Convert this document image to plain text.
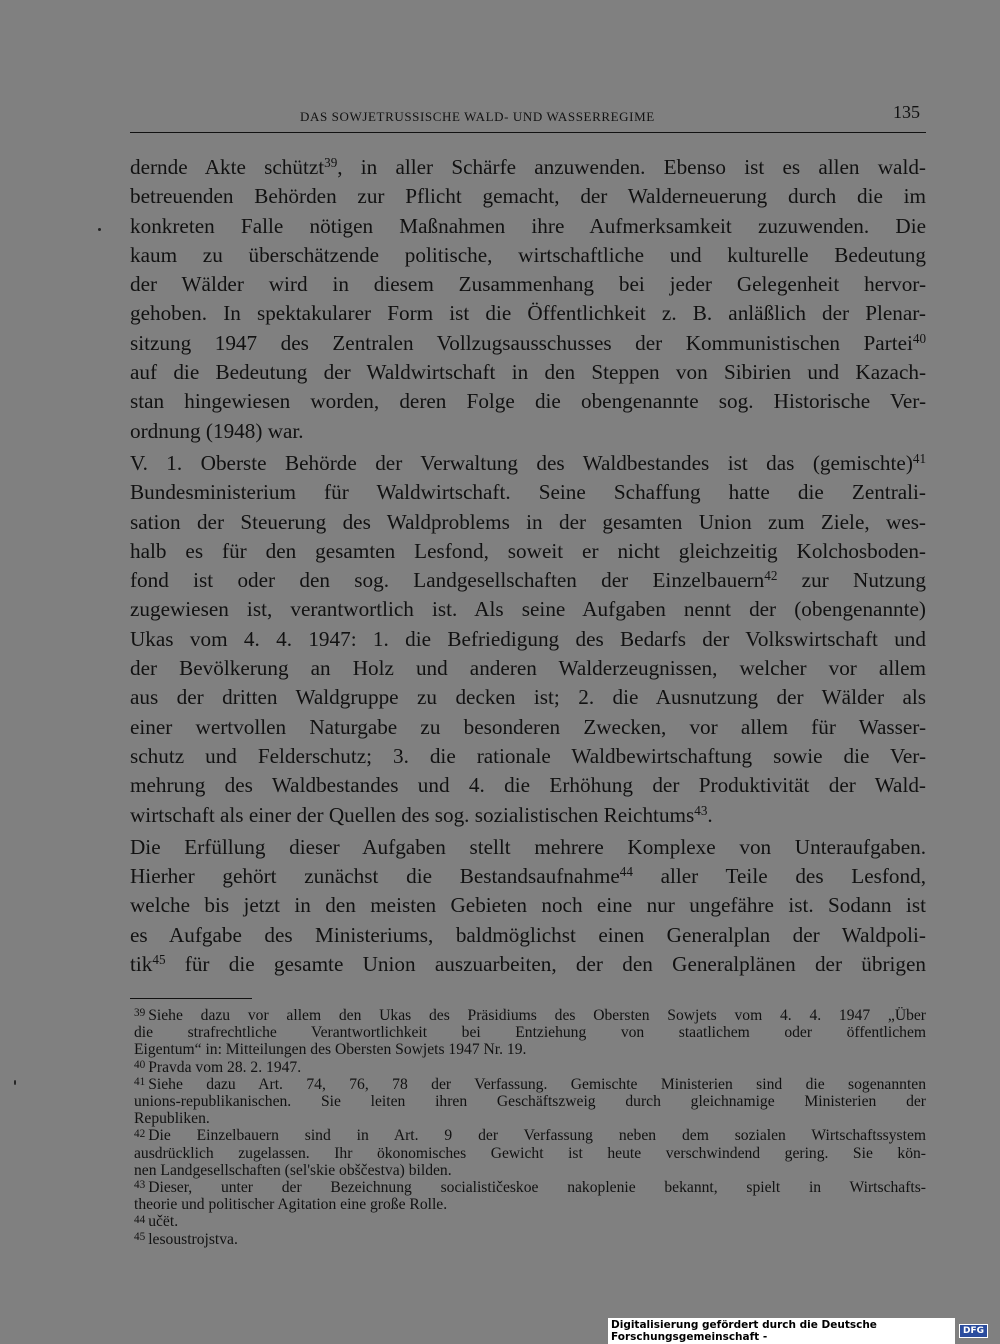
DAS SOWJETRUSSISCHE WALD- UND WASSERREGIME	135

dernde Akte schützt$^{39}$, in aller Schärfe anzuwenden. Ebenso ist es allen wald-
betreuenden Behörden zur Pflicht gemacht, der Walderneuerung durch die im
konkreten Falle nötigen Maßnahmen ihre Aufmerksamkeit zuzuwenden. Die
kaum zu überschätzende politische, wirtschaftliche und kulturelle Bedeutung
der Wälder wird in diesem Zusammenhang bei jeder Gelegenheit hervor-
gehoben. In spektakularer Form ist die Öffentlichkeit z. B. anläßlich der Plenar-
sitzung 1947 des Zentralen Vollzugsausschusses der Kommunistischen Partei$^{40}$
auf die Bedeutung der Waldwirtschaft in den Steppen von Sibirien und Kazach-
stan hingewiesen worden, deren Folge die obengenannte sog. Historische Ver-
ordnung (1948) war.

V. 1. Oberste Behörde der Verwaltung des Waldbestandes ist das (gemischte)$^{41}$
Bundesministerium für Waldwirtschaft. Seine Schaffung hatte die Zentrali-
sation der Steuerung des Waldproblems in der gesamten Union zum Ziele, wes-
halb es für den gesamten Lesfond, soweit er nicht gleichzeitig Kolchosboden-
fond ist oder den sog. Landgesellschaften der Einzelbauern$^{42}$ zur Nutzung
zugewiesen ist, verantwortlich ist. Als seine Aufgaben nennt der (obengenannte)
Ukas vom 4. 4. 1947: 1. die Befriedigung des Bedarfs der Volkswirtschaft und
der Bevölkerung an Holz und anderen Walderzeugnissen, welcher vor allem
aus der dritten Waldgruppe zu decken ist; 2. die Ausnutzung der Wälder als
einer wertvollen Naturgabe zu besonderen Zwecken, vor allem für Wasser-
schutz und Felderschutz; 3. die rationale Waldbewirtschaftung sowie die Ver-
mehrung des Waldbestandes und 4. die Erhöhung der Produktivität der Wald-
wirtschaft als einer der Quellen des sog. sozialistischen Reichtums$^{43}$.

Die Erfüllung dieser Aufgaben stellt mehrere Komplexe von Unteraufgaben.
Hierher gehört zunächst die Bestandsaufnahme$^{44}$ aller Teile des Lesfond,
welche bis jetzt in den meisten Gebieten noch eine nur ungefähre ist. Sodann ist
es Aufgabe des Ministeriums, baldmöglichst einen Generalplan der Waldpoli-
tik$^{45}$ für die gesamte Union auszuarbeiten, der den Generalplänen der übrigen

$^{39}$ Siehe dazu vor allem den Ukas des Präsidiums des Obersten Sowjets vom 4. 4. 1947 „Über
die strafrechtliche Verantwortlichkeit bei Entziehung von staatlichem oder öffentlichem
Eigentum“ in: Mitteilungen des Obersten Sowjets 1947 Nr. 19.
$^{40}$ Pravda vom 28. 2. 1947.
$^{41}$ Siehe dazu Art. 74, 76, 78 der Verfassung. Gemischte Ministerien sind die sogenannten
unions-republikanischen. Sie leiten ihren Geschäftszweig durch gleichnamige Ministerien der
Republiken.
$^{42}$ Die Einzelbauern sind in Art. 9 der Verfassung neben dem sozialen Wirtschaftssystem
ausdrücklich zugelassen. Ihr ökonomisches Gewicht ist heute verschwindend gering. Sie kön-
nen Landgesellschaften (sel'skie obščestva) bilden.
$^{43}$ Dieser, unter der Bezeichnung socialističeskoe nakoplenie bekannt, spielt in Wirtschafts-
theorie und politischer Agitation eine große Rolle.
$^{44}$ učët.
$^{45}$ lesoustrojstva.
Digitalisierung gefördert durch die Deutsche Forschungsgemeinschaft -	DFG
